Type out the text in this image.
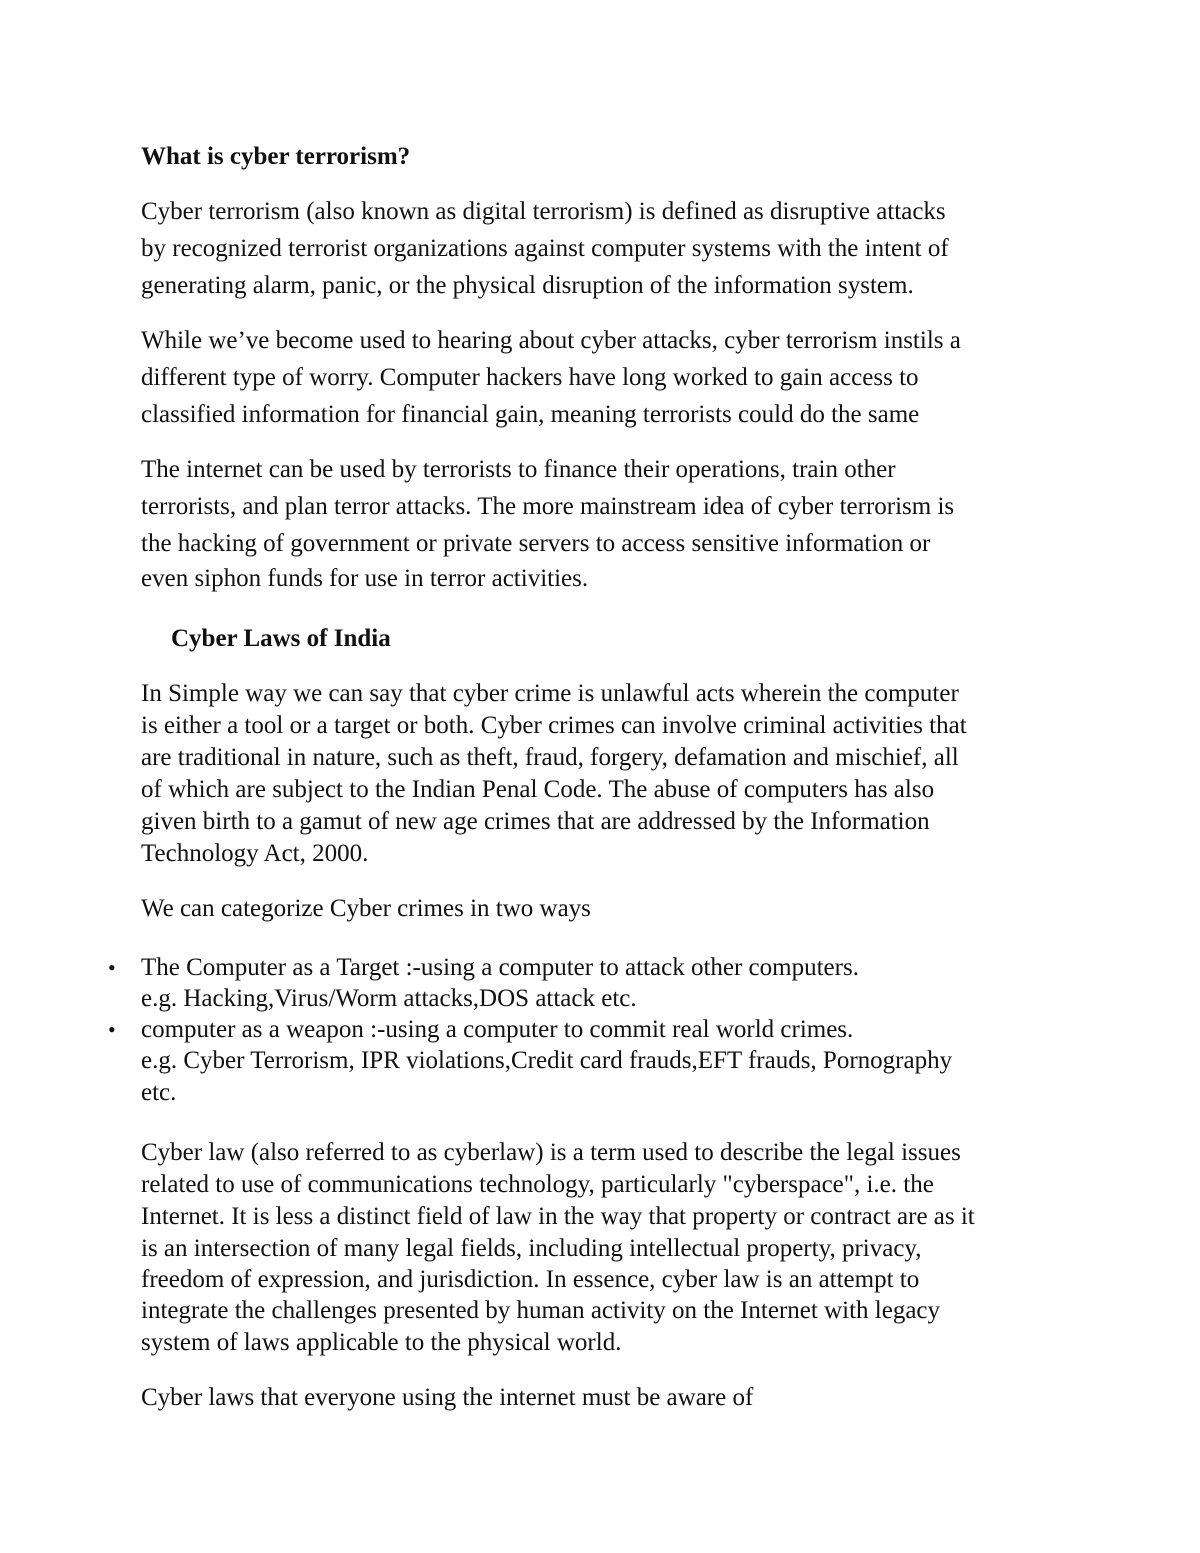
What is cyber terrorism?

Cyber terrorism (also known as digital terrorism) is defined as disruptive attacks

by recognized terrorist organizations against computer systems with the intent of

generating alarm, panic, or the physical disruption of the information system.

While we’ve become used to hearing about cyber attacks, cyber terrorism instils a

different type of worry. Computer hackers have long worked to gain access to

classified information for financial gain, meaning terrorists could do the same

The internet can be used by terrorists to finance their operations, train other

terrorists, and plan terror attacks. The more mainstream idea of cyber terrorism is

the hacking of government or private servers to access sensitive information or

even siphon funds for use in terror activities.

Cyber Laws of India

In Simple way we can say that cyber crime is unlawful acts wherein the computer

is either a tool or a target or both. Cyber crimes can involve criminal activities that

are traditional in nature, such as theft, fraud, forgery, defamation and mischief, all

of which are subject to the Indian Penal Code. The abuse of computers has also

given birth to a gamut of new age crimes that are addressed by the Information

Technology Act, 2000.

We can categorize Cyber crimes in two ways

• The Computer as a Target :-using a computer to attack other computers.

e.g. Hacking,Virus/Worm attacks,DOS attack etc.

• computer as a weapon :-using a computer to commit real world crimes.

e.g. Cyber Terrorism, IPR violations,Credit card frauds,EFT frauds, Pornography

etc.

Cyber law (also referred to as cyberlaw) is a term used to describe the legal issues

related to use of communications technology, particularly "cyberspace", i.e. the

Internet. It is less a distinct field of law in the way that property or contract are as it

is an intersection of many legal fields, including intellectual property, privacy,

freedom of expression, and jurisdiction. In essence, cyber law is an attempt to

integrate the challenges presented by human activity on the Internet with legacy

system of laws applicable to the physical world.

Cyber laws that everyone using the internet must be aware of
